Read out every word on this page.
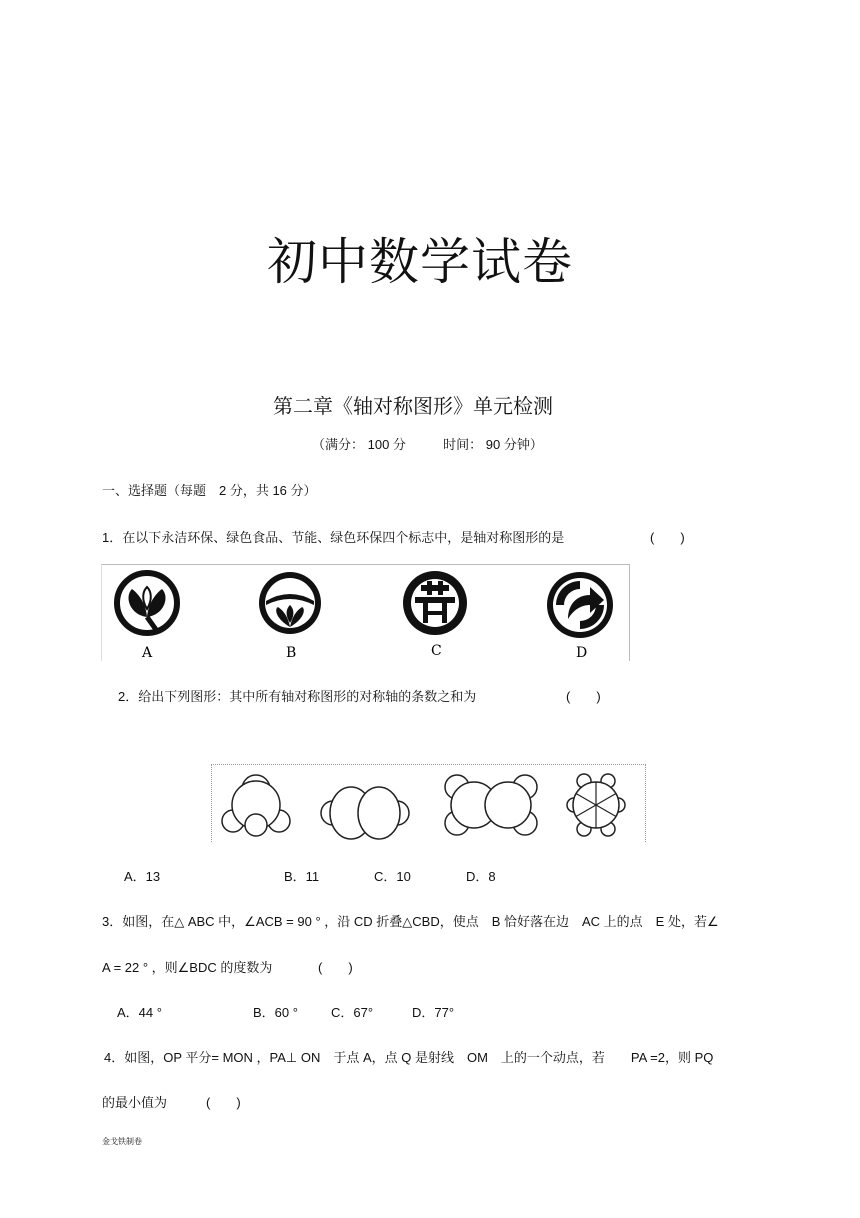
初中数学试卷
第二章《轴对称图形》单元检测
（满分： 100 分	时间： 90 分钟）
一、选择题（每题　2 分，共 16 分）
1．在以下永洁环保、绿色食品、节能、绿色环保四个标志中，是轴对称图形的是	(　　)
A	B	C	D
2．给出下列图形：其中所有轴对称图形的对称轴的条数之和为	(　　)
A．13	B．11	C．10	D．8
3．如图，在△ ABC 中，∠ACB = 90 ° ，沿 CD 折叠△CBD，使点　B 恰好落在边　AC 上的点　E 处，若∠
A = 22 ° ，则∠BDC 的度数为	(　　)
A．44 °	B．60 °	C．67°	D．77°
4．如图，OP 平分= MON ，PA⊥ ON　于点 A，点 Q 是射线　OM　上的一个动点，若　　PA =2，则 PQ
的最小值为	(　　)
金戈铁制卷
